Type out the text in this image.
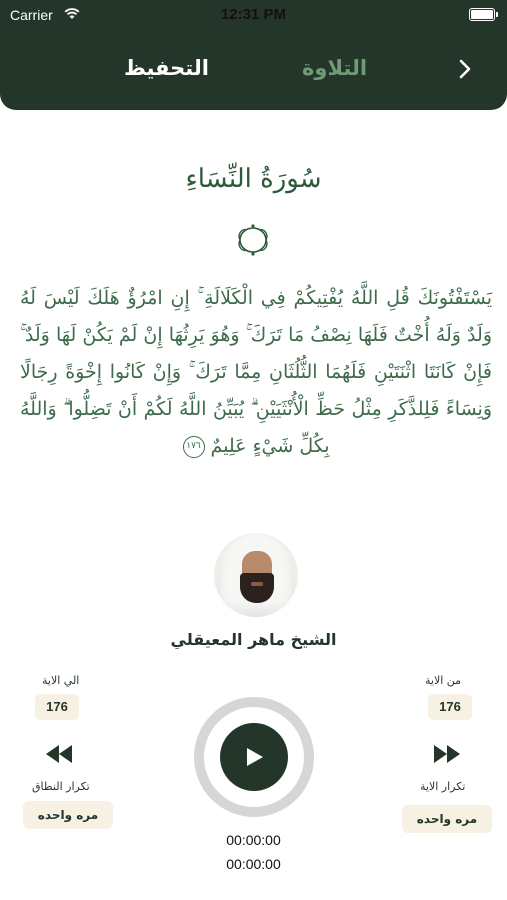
Carrier	12:31 PM
التحفيظ	التلاوة
سُورَةُ النِّسَاءِ
يَسْتَفْتُونَكَ قُلِ اللَّهُ يُفْتِيكُمْ فِي الْكَلَالَةِ ۚ إِنِ امْرُؤٌ هَلَكَ لَيْسَ لَهُ وَلَدٌ وَلَهُ أُخْتٌ فَلَهَا نِصْفُ مَا تَرَكَ ۚ وَهُوَ يَرِثُهَا إِنْ لَمْ يَكُنْ لَهَا وَلَدٌ ۚ فَإِنْ كَانَتَا اثْنَتَيْنِ فَلَهُمَا الثُّلُثَانِ مِمَّا تَرَكَ ۚ وَإِنْ كَانُوا إِخْوَةً رِجَالًا وَنِسَاءً فَلِلذَّكَرِ مِثْلُ حَظِّ الْأُنْثَيَيْنِ ۗ يُبَيِّنُ اللَّهُ لَكُمْ أَنْ تَضِلُّوا ۗ وَاللَّهُ بِكُلِّ شَيْءٍ عَلِيمٌ ١٧٦
الشيخ ماهر المعيقلي
الي الاية
176
من الاية
176
تكرار النطاق
مره واحده
تكرار الاية
مره واحده
00:00:00
00:00:00
